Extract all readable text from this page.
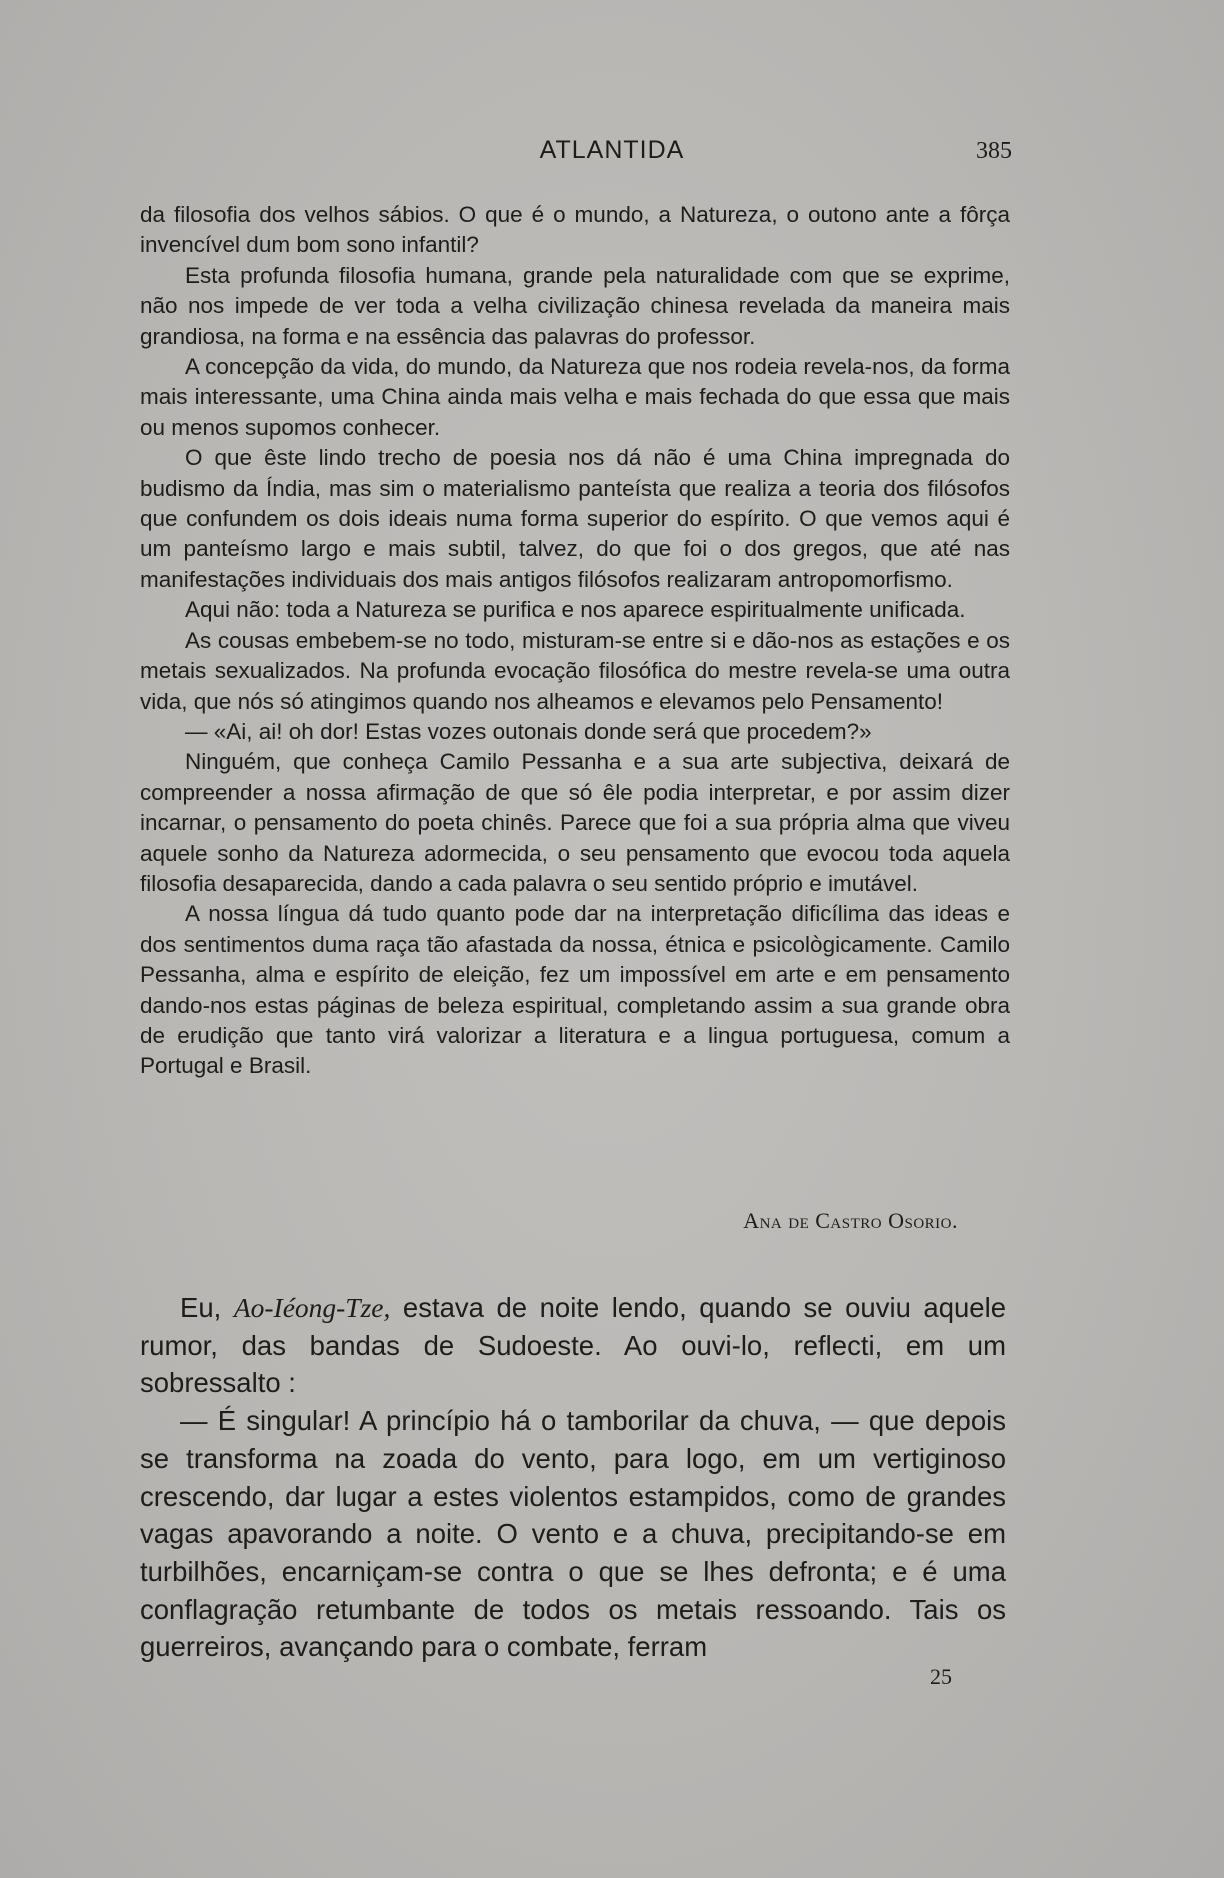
ATLANTIDA	385

da filosofia dos velhos sábios. O que é o mundo, a Natureza, o outono ante a fôrça invencível dum bom sono infantil?

Esta profunda filosofia humana, grande pela naturalidade com que se exprime, não nos impede de ver toda a velha civilização chinesa revelada da maneira mais grandiosa, na forma e na essência das palavras do professor.

A concepção da vida, do mundo, da Natureza que nos rodeia revela-nos, da forma mais interessante, uma China ainda mais velha e mais fechada do que essa que mais ou menos supomos conhecer.

O que êste lindo trecho de poesia nos dá não é uma China impregnada do budismo da Índia, mas sim o materialismo panteísta que realiza a teoria dos filósofos que confundem os dois ideais numa forma superior do espírito. O que vemos aqui é um panteísmo largo e mais subtil, talvez, do que foi o dos gregos, que até nas manifestações individuais dos mais antigos filósofos realizaram antropomorfismo.

Aqui não: toda a Natureza se purifica e nos aparece espiritualmente unificada.

As cousas embebem-se no todo, misturam-se entre si e dão-nos as estações e os metais sexualizados. Na profunda evocação filosófica do mestre revela-se uma outra vida, que nós só atingimos quando nos alheamos e elevamos pelo Pensamento!

— «Ai, ai! oh dor! Estas vozes outonais donde será que procedem?»

Ninguém, que conheça Camilo Pessanha e a sua arte subjectiva, deixará de compreender a nossa afirmação de que só êle podia interpretar, e por assim dizer incarnar, o pensamento do poeta chinês. Parece que foi a sua própria alma que viveu aquele sonho da Natureza adormecida, o seu pensamento que evocou toda aquela filosofia desaparecida, dando a cada palavra o seu sentido próprio e imutável.

A nossa língua dá tudo quanto pode dar na interpretação dificílima das ideas e dos sentimentos duma raça tão afastada da nossa, étnica e psicològicamente. Camilo Pessanha, alma e espírito de eleição, fez um impossível em arte e em pensamento dando-nos estas páginas de beleza espiritual, completando assim a sua grande obra de erudição que tanto virá valorizar a literatura e a lingua portuguesa, comum a Portugal e Brasil.

Ana de Castro Osorio.

Eu, Ao-Iéong-Tze, estava de noite lendo, quando se ouviu aquele rumor, das bandas de Sudoeste. Ao ouvi-lo, reflecti, em um sobressalto :

— É singular! A princípio há o tamborilar da chuva, — que depois se transforma na zoada do vento, para logo, em um vertiginoso crescendo, dar lugar a estes violentos estampidos, como de grandes vagas apavorando a noite. O vento e a chuva, precipitando-se em turbilhões, encarniçam-se contra o que se lhes defronta; e é uma conflagração retumbante de todos os metais ressoando. Tais os guerreiros, avançando para o combate, ferram

25
